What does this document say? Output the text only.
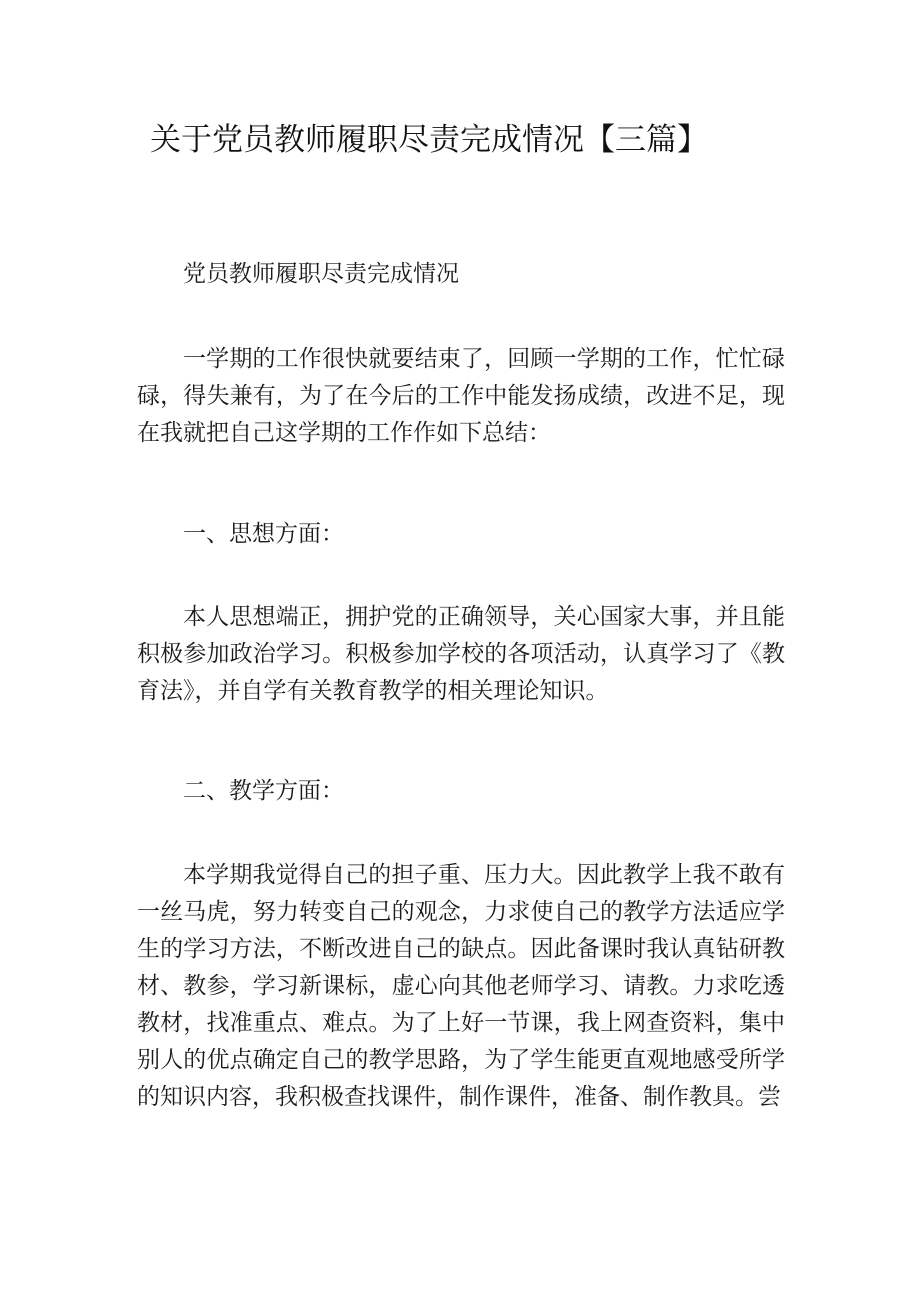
关于党员教师履职尽责完成情况【三篇】

党员教师履职尽责完成情况

一学期的工作很快就要结束了，回顾一学期的工作，忙忙碌碌，得失兼有，为了在今后的工作中能发扬成绩，改进不足，现在我就把自己这学期的工作作如下总结：

一、思想方面：

本人思想端正，拥护党的正确领导，关心国家大事，并且能积极参加政治学习。积极参加学校的各项活动，认真学习了《教育法》，并自学有关教育教学的相关理论知识。

二、教学方面：

本学期我觉得自己的担子重、压力大。因此教学上我不敢有一丝马虎，努力转变自己的观念，力求使自己的教学方法适应学生的学习方法，不断改进自己的缺点。因此备课时我认真钻研教材、教参，学习新课标，虚心向其他老师学习、请教。力求吃透教材，找准重点、难点。为了上好一节课，我上网查资料，集中别人的优点确定自己的教学思路，为了学生能更直观地感受所学的知识内容，我积极查找课件，制作课件，准备、制作教具。尝
